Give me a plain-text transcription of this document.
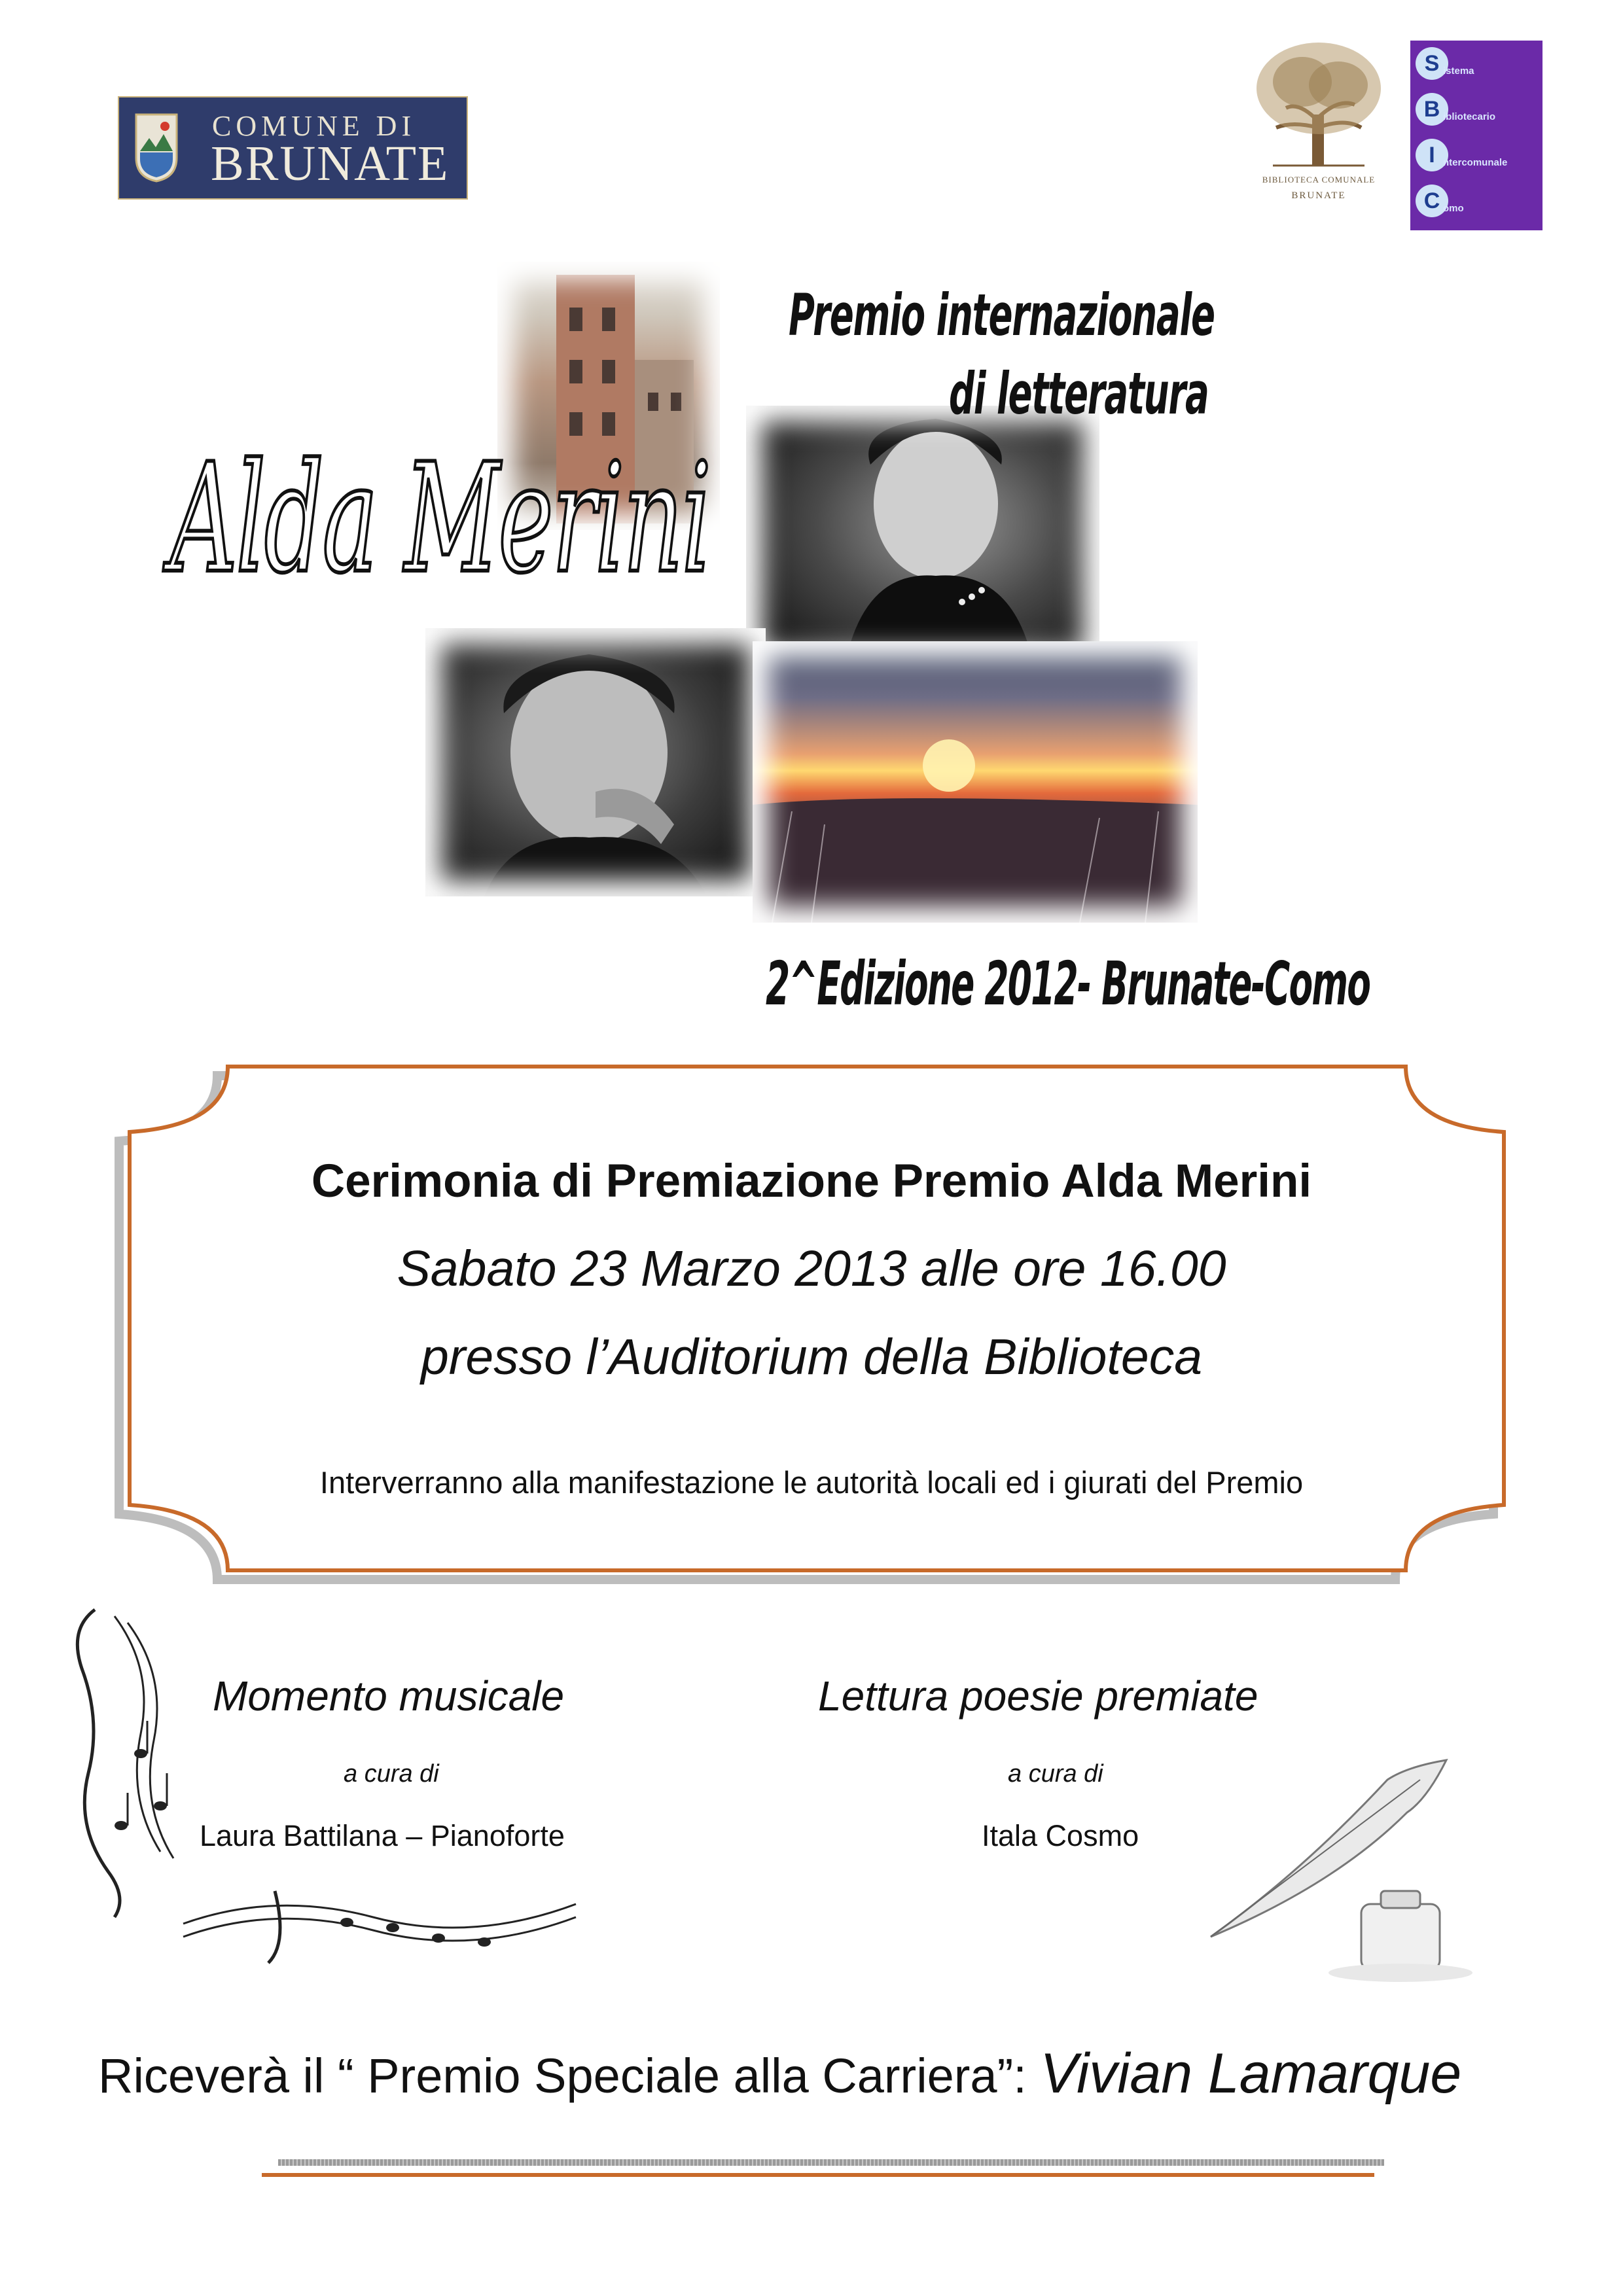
COMUNE DI
BRUNATE	BIBLIOTECA COMUNALE
BRUNATE
S istema
B ibliotecario
I ntercomunale
C omo
Alda Merini
Premio internazionale
di letteratura
2^Edizione 2012- Brunate-Como
Cerimonia di Premiazione Premio Alda Merini
Sabato 23 Marzo 2013 alle ore 16.00
presso l’Auditorium della Biblioteca
Interverranno alla manifestazione le autorità locali ed i giurati del Premio
Momento musicale
a cura di
Laura Battilana – Pianoforte
Lettura poesie premiate
a cura di
Itala Cosmo
Riceverà il “ Premio Speciale alla Carriera”: Vivian Lamarque
